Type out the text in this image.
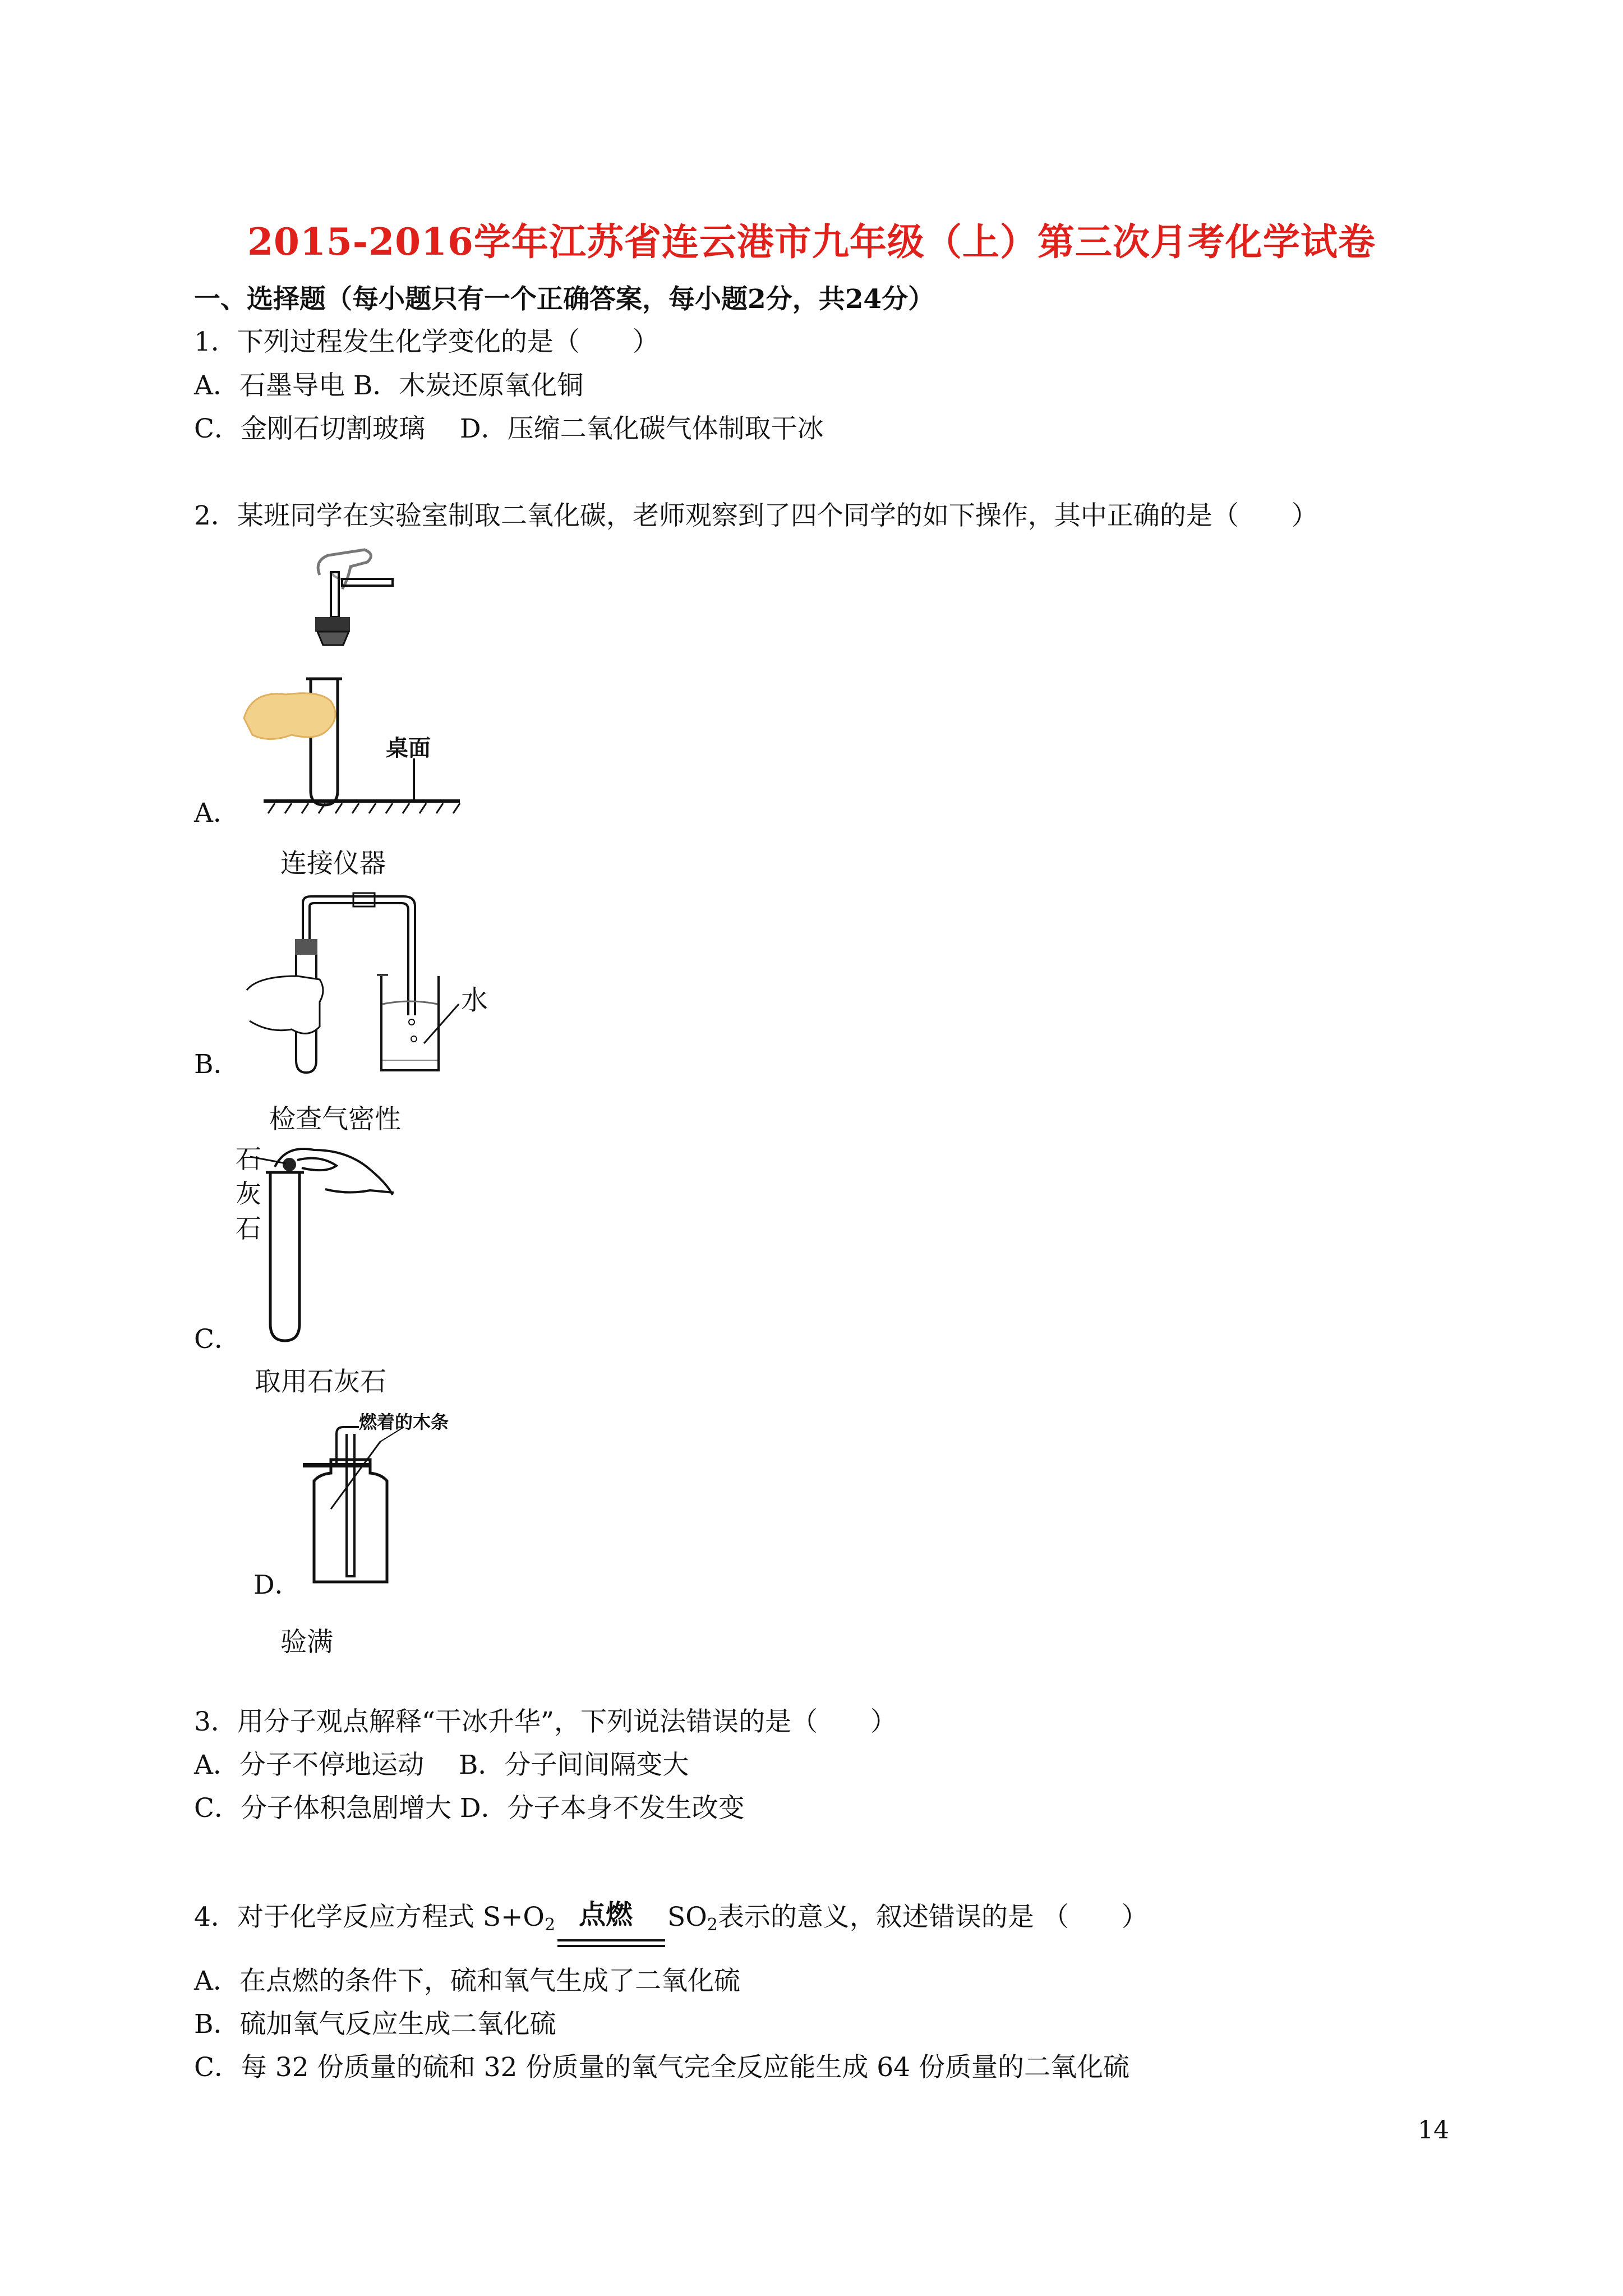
2015-2016学年江苏省连云港市九年级（上）第三次月考化学试卷
一、选择题（每小题只有一个正确答案，每小题2分，共24分）
1．下列过程发生化学变化的是（　　）
A．石墨导电 B．木炭还原氧化铜
C．金刚石切割玻璃　 D．压缩二氧化碳气体制取干冰
2．某班同学在实验室制取二氧化碳，老师观察到了四个同学的如下操作，其中正确的是（　　）
桌面
A．
连接仪器
水
B．
检查气密性
石
灰
石
C．
取用石灰石
燃着的木条
D．
验满
3．用分子观点解释“干冰升华”，下列说法错误的是（　　）
A．分子不停地运动　 B．分子间间隔变大
C．分子体积急剧增大 D．分子本身不发生改变
4．对于化学反应方程式 $S+O_2$ 点燃 $SO_2$表示的意义，叙述错误的是 （　　）
A．在点燃的条件下，硫和氧气生成了二氧化硫
B．硫加氧气反应生成二氧化硫
C．每 32 份质量的硫和 32 份质量的氧气完全反应能生成 64 份质量的二氧化硫
14
